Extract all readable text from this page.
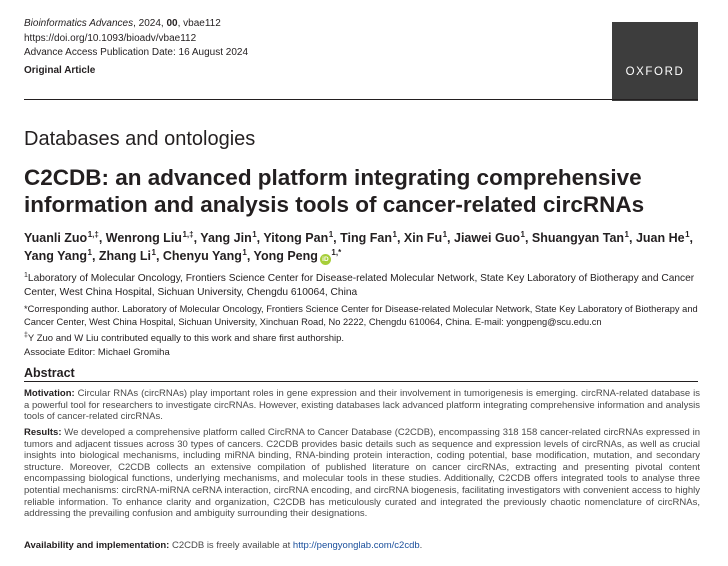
Bioinformatics Advances, 2024, 00, vbae112
https://doi.org/10.1093/bioadv/vbae112
Advance Access Publication Date: 16 August 2024
Original Article	OXFORD
Databases and ontologies
C2CDB: an advanced platform integrating comprehensive information and analysis tools of cancer-related circRNAs
Yuanli Zuo$^{1,\ddagger}$, Wenrong Liu$^{1,\ddagger}$, Yang Jin$^1$, Yitong Pan$^1$, Ting Fan$^1$, Xin Fu$^1$, Jiawei Guo$^1$, Shuangyan Tan$^1$, Juan He$^1$, Yang Yang$^1$, Zhang Li$^1$, Chenyu Yang$^1$, Yong Peng $iD^{1,*}$
$^1$Laboratory of Molecular Oncology, Frontiers Science Center for Disease-related Molecular Network, State Key Laboratory of Biotherapy and Cancer Center, West China Hospital, Sichuan University, Chengdu 610064, China
*Corresponding author. Laboratory of Molecular Oncology, Frontiers Science Center for Disease-related Molecular Network, State Key Laboratory of Biotherapy and Cancer Center, West China Hospital, Sichuan University, Xinchuan Road, No 2222, Chengdu 610064, China. E-mail: yongpeng@scu.edu.cn
‡Y Zuo and W Liu contributed equally to this work and share first authorship.
Associate Editor: Michael Gromiha
Abstract
Motivation: Circular RNAs (circRNAs) play important roles in gene expression and their involvement in tumorigenesis is emerging. circRNA-related database is a powerful tool for researchers to investigate circRNAs. However, existing databases lack advanced platform integrating comprehensive information and analysis tools of cancer-related circRNAs.
Results: We developed a comprehensive platform called CircRNA to Cancer Database (C2CDB), encompassing 318 158 cancer-related circRNAs expressed in tumors and adjacent tissues across 30 types of cancers. C2CDB provides basic details such as sequence and expression levels of circRNAs, as well as crucial insights into biological mechanisms, including miRNA binding, RNA-binding protein interaction, coding potential, base modification, mutation, and secondary structure. Moreover, C2CDB collects an extensive compilation of published literature on cancer circRNAs, extracting and presenting pivotal content encompassing biological functions, underlying mechanisms, and molecular tools in these studies. Additionally, C2CDB offers integrated tools to analyse three potential mechanisms: circRNA-miRNA ceRNA interaction, circRNA encoding, and circRNA biogenesis, facilitating investigators with convenient access to highly reliable information. To enhance clarity and organization, C2CDB has meticulously curated and integrated the previously chaotic nomenclature of circRNAs, addressing the prevailing confusion and ambiguity surrounding their designations.
Availability and implementation: C2CDB is freely available at http://pengyonglab.com/c2cdb.
